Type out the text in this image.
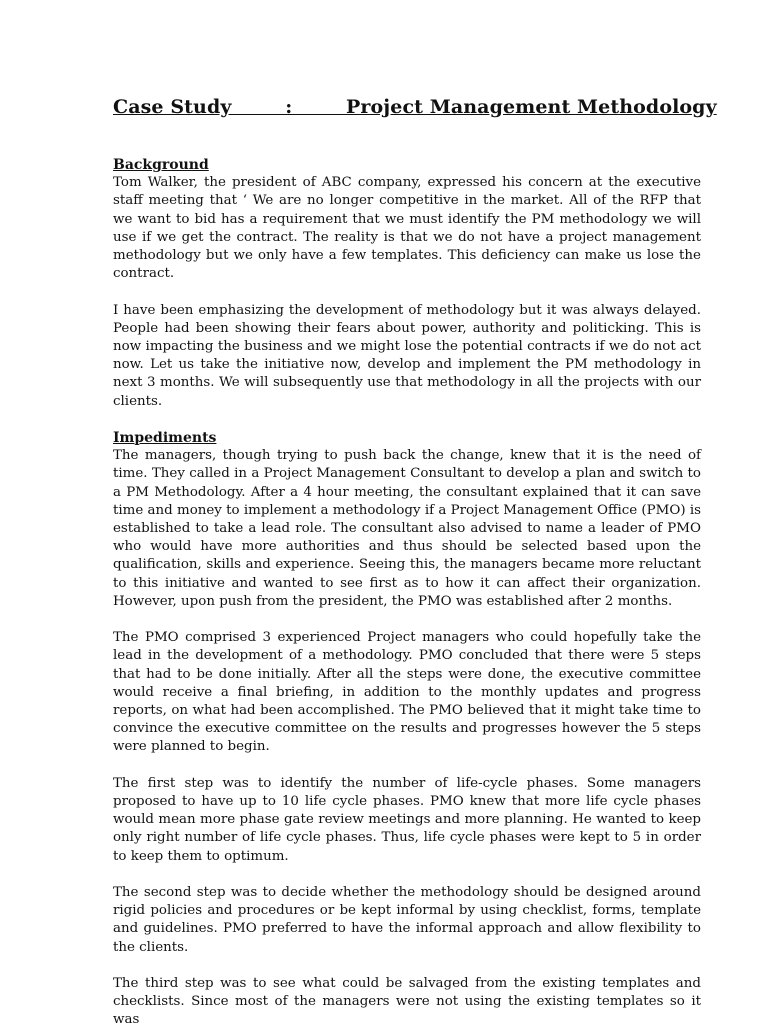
Case Study        :        Project Management Methodology
Background

Tom Walker, the president of ABC company, expressed his concern at the executive staff meeting that ‘ We are no longer competitive in the market. All of the RFP that we want to bid has a requirement that we must identify the PM methodology we will use if we get the contract. The reality is that we do not have a project management methodology but we only have a few templates. This deficiency can make us lose the contract.

I have been emphasizing the development of methodology but it was always delayed. People had been showing their fears about power, authority and politicking. This is now impacting the business and we might lose the potential contracts if we do not act now. Let us take the initiative now, develop and implement the PM methodology in next 3 months. We will subsequently use that methodology in all the projects with our clients.

Impediments

The managers, though trying to push back the change, knew that it is the need of time. They called in a Project Management Consultant to develop a plan and switch to a PM Methodology. After a 4 hour meeting, the consultant explained that it can save time and money to implement a methodology if a Project Management Office (PMO) is established to take a lead role. The consultant also advised to name a leader of PMO who would have more authorities and thus should be selected based upon the qualification, skills and experience. Seeing this, the managers became more reluctant to this initiative and wanted to see first as to how it can affect their organization. However, upon push from the president, the PMO was established after 2 months.

The PMO comprised 3 experienced Project managers who could hopefully take the lead in the development of a methodology. PMO concluded that there were 5 steps that had to be done initially. After all the steps were done, the executive committee would receive a final briefing, in addition to the monthly updates and progress reports, on what had been accomplished. The PMO believed that it might take time to convince the executive committee on the results and progresses however the 5 steps were planned to begin.

The first step was to identify the number of life-cycle phases. Some managers proposed to have up to 10 life cycle phases. PMO knew that more life cycle phases would mean more phase gate review meetings and more planning. He wanted to keep only right number of life cycle phases. Thus, life cycle phases were kept to 5 in order to keep them to optimum.

The second step was to decide whether the methodology should be designed around rigid policies and procedures or be kept informal by using checklist, forms, template and guidelines. PMO preferred to have the informal approach and allow flexibility to the clients.

The third step was to see what could be salvaged from the existing templates and checklists. Since most of the managers were not using the existing templates so it was
